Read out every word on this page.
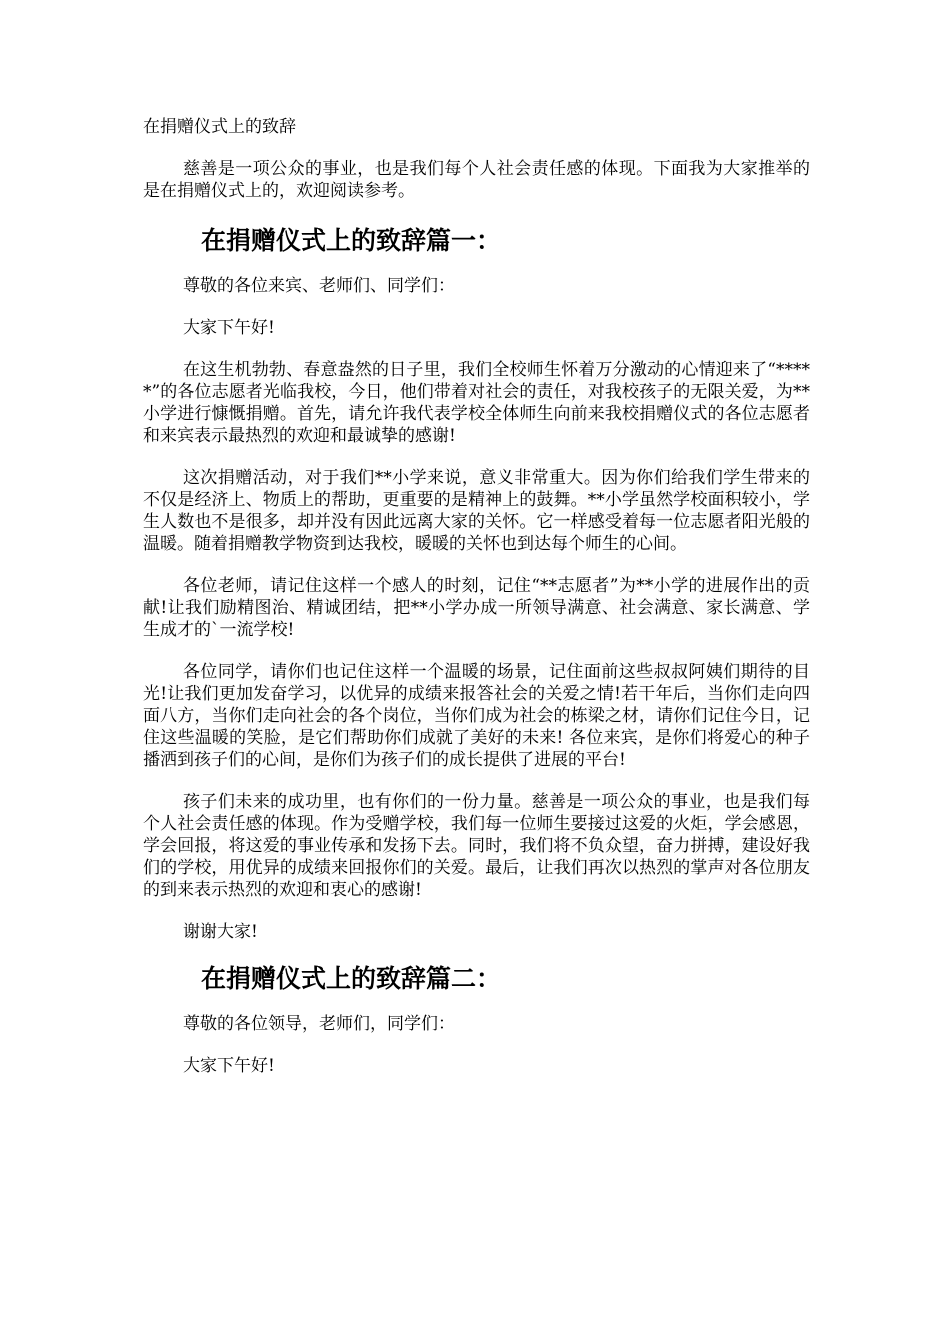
在捐赠仪式上的致辞

慈善是一项公众的事业，也是我们每个人社会责任感的体现。下面我为大家推举的是在捐赠仪式上的，欢迎阅读参考。

在捐赠仪式上的致辞篇一：

尊敬的各位来宾、老师们、同学们：

大家下午好!

在这生机勃勃、春意盎然的日子里，我们全校师生怀着万分激动的心情迎来了“*****”的各位志愿者光临我校，今日，他们带着对社会的责任，对我校孩子的无限关爱，为**小学进行慷慨捐赠。首先，请允许我代表学校全体师生向前来我校捐赠仪式的各位志愿者和来宾表示最热烈的欢迎和最诚挚的感谢!

这次捐赠活动，对于我们**小学来说，意义非常重大。因为你们给我们学生带来的不仅是经济上、物质上的帮助，更重要的是精神上的鼓舞。**小学虽然学校面积较小，学生人数也不是很多，却并没有因此远离大家的关怀。它一样感受着每一位志愿者阳光般的温暖。随着捐赠教学物资到达我校，暖暖的关怀也到达每个师生的心间。

各位老师，请记住这样一个感人的时刻，记住“**志愿者”为**小学的进展作出的贡献!让我们励精图治、精诚团结，把**小学办成一所领导满意、社会满意、家长满意、学生成才的`一流学校!

各位同学，请你们也记住这样一个温暖的场景，记住面前这些叔叔阿姨们期待的目光!让我们更加发奋学习，以优异的成绩来报答社会的关爱之情!若干年后，当你们走向四面八方，当你们走向社会的各个岗位，当你们成为社会的栋梁之材，请你们记住今日，记住这些温暖的笑脸，是它们帮助你们成就了美好的未来! 各位来宾，是你们将爱心的种子播洒到孩子们的心间，是你们为孩子们的成长提供了进展的平台!

孩子们未来的成功里，也有你们的一份力量。慈善是一项公众的事业，也是我们每个人社会责任感的体现。作为受赠学校，我们每一位师生要接过这爱的火炬，学会感恩，学会回报，将这爱的事业传承和发扬下去。同时，我们将不负众望，奋力拼搏，建设好我们的学校，用优异的成绩来回报你们的关爱。最后，让我们再次以热烈的掌声对各位朋友的到来表示热烈的欢迎和衷心的感谢!

谢谢大家!

在捐赠仪式上的致辞篇二：

尊敬的各位领导，老师们，同学们：

大家下午好!
